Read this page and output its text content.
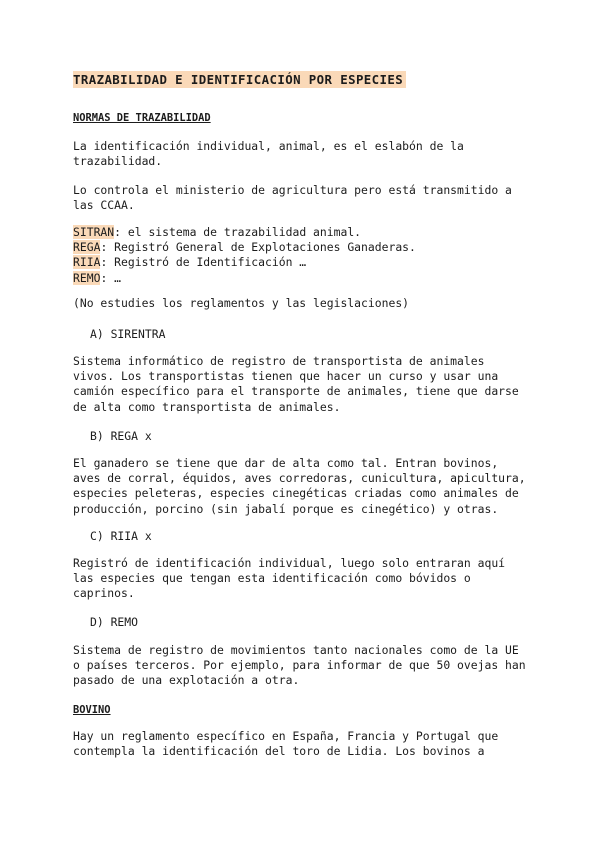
TRAZABILIDAD E IDENTIFICACIÓN POR ESPECIES

NORMAS DE TRAZABILIDAD

La identificación individual, animal, es el eslabón de la
trazabilidad.
Lo controla el ministerio de agricultura pero está transmitido a
las CCAA.
SITRAN: el sistema de trazabilidad animal.
REGA: Registró General de Explotaciones Ganaderas.
RIIA: Registró de Identificación …
REMO: …

(No estudies los reglamentos y las legislaciones)

A) SIRENTRA

Sistema informático de registro de transportista de animales
vivos. Los transportistas tienen que hacer un curso y usar una
camión específico para el transporte de animales, tiene que darse
de alta como transportista de animales.

B) REGA x

El ganadero se tiene que dar de alta como tal. Entran bovinos,
aves de corral, équidos, aves corredoras, cunicultura, apicultura,
especies peleteras, especies cinegéticas criadas como animales de
producción, porcino (sin jabalí porque es cinegético) y otras.

C) RIIA x

Registró de identificación individual, luego solo entraran aquí
las especies que tengan esta identificación como bóvidos o
caprinos.

D) REMO

Sistema de registro de movimientos tanto nacionales como de la UE
o países terceros. Por ejemplo, para informar de que 50 ovejas han
pasado de una explotación a otra.

BOVINO

Hay un reglamento específico en España, Francia y Portugal que
contempla la identificación del toro de Lidia. Los bovinos a
